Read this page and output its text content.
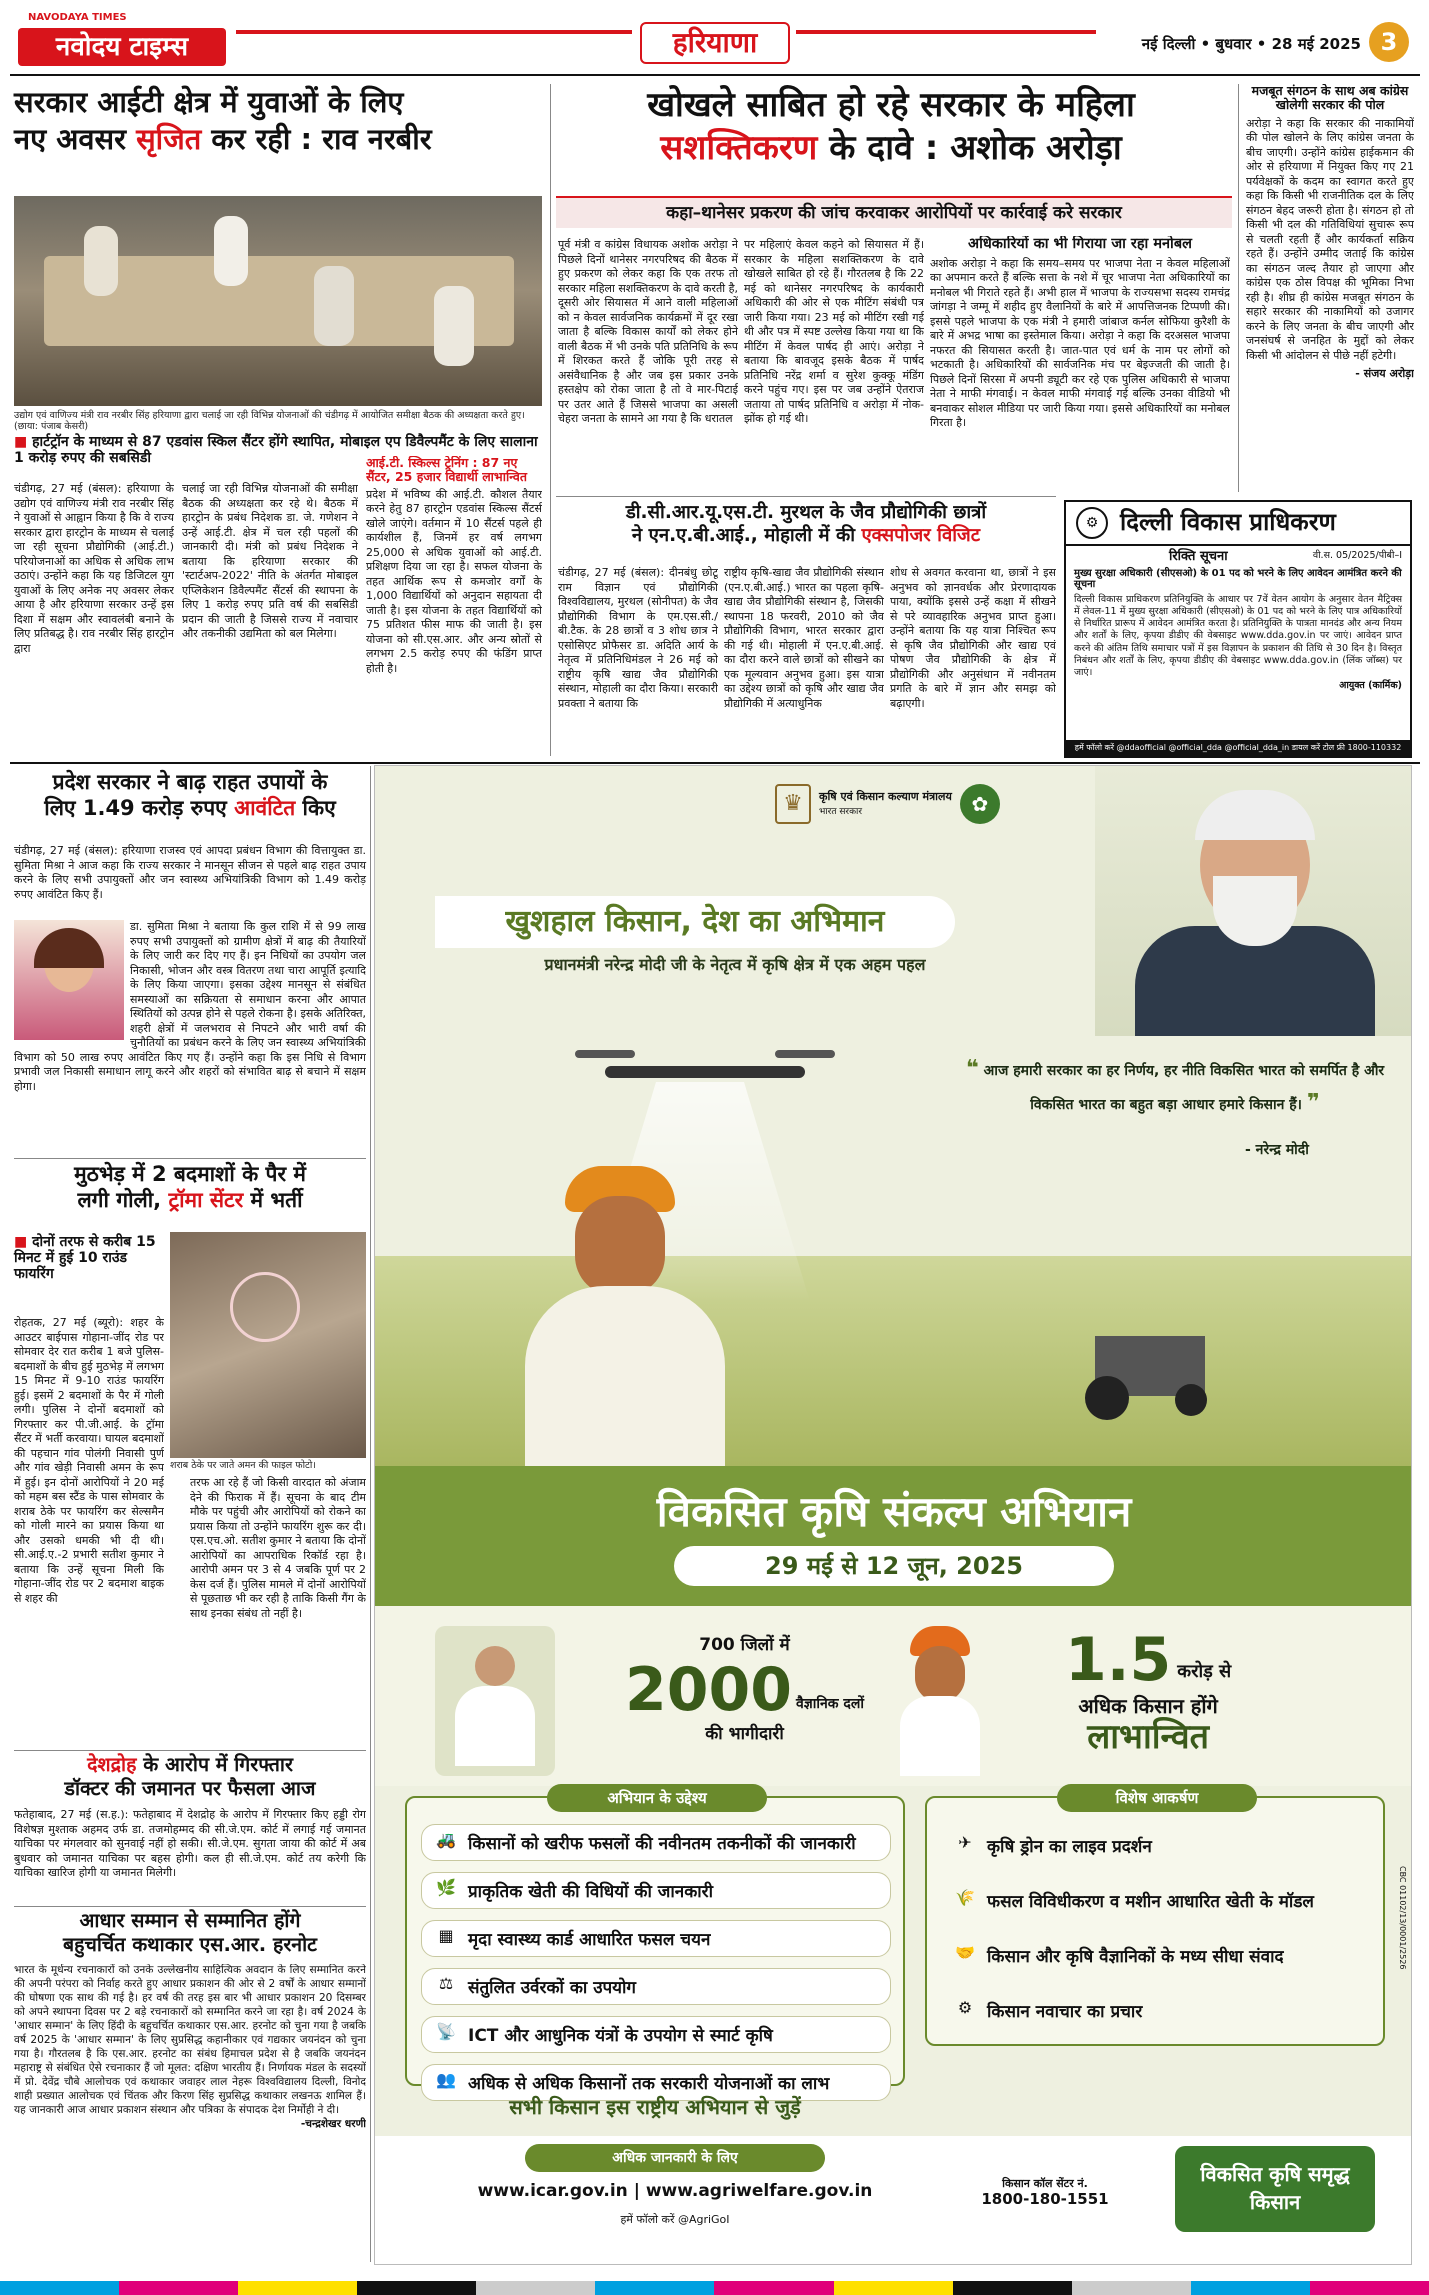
NAVODAYA TIMES
नवोदय टाइम्स	हरियाणा	नई दिल्ली • बुधवार • 28 मई 2025 3
सरकार आईटी क्षेत्र में युवाओं के लिए
नए अवसर सृजित कर रही : राव नरबीर
उद्योग एवं वाणिज्य मंत्री राव नरबीर सिंह हरियाणा द्वारा चलाई जा रही विभिन्न योजनाओं की चंडीगढ़ में आयोजित समीक्षा बैठक की अध्यक्षता करते हुए। (छाया: पंजाब केसरी)
■ हार्टट्रॉन के माध्यम से 87 एडवांस स्किल सैंटर होंगे स्थापित, मोबाइल एप डिवैल्पमैंट के लिए सालाना 1 करोड़ रुपए की सबसिडी
चंडीगढ़, 27 मई (बंसल): हरियाणा के उद्योग एवं वाणिज्य मंत्री राव नरबीर सिंह ने युवाओं से आह्वान किया है कि वे राज्य सरकार द्वारा हारट्रोन के माध्यम से चलाई जा रही सूचना प्रौद्योगिकी (आई.टी.) परियोजनाओं का अधिक से अधिक लाभ उठाएं। उन्होंने कहा कि यह डिजिटल युग युवाओं के लिए अनेक नए अवसर लेकर आया है और हरियाणा सरकार उन्हें इस दिशा में सक्षम और स्वावलंबी बनाने के लिए प्रतिबद्ध है। राव नरबीर सिंह हारट्रोन द्वारा
चलाई जा रही विभिन्न योजनाओं की समीक्षा बैठक की अध्यक्षता कर रहे थे। बैठक में हारट्रोन के प्रबंध निदेशक डा. जे. गणेशन ने उन्हें आई.टी. क्षेत्र में चल रही पहलों की जानकारी दी। मंत्री को प्रबंध निदेशक ने बताया कि हरियाणा सरकार की 'स्टार्टअप-2022' नीति के अंतर्गत मोबाइल एप्लिकेशन डिवैल्पमैंट सैंटर्स की स्थापना के लिए 1 करोड़ रुपए प्रति वर्ष की सबसिडी प्रदान की जाती है जिससे राज्य में नवाचार और तकनीकी उद्यमिता को बल मिलेगा।
आई.टी. स्किल्स ट्रेनिंग : 87 नए सैंटर, 25 हजार विद्यार्थी लाभान्वित
प्रदेश में भविष्य की आई.टी. कौशल तैयार करने हेतु 87 हारट्रोन एडवांस स्किल्स सैंटर्स खोले जाएंगे। वर्तमान में 10 सैंटर्स पहले ही कार्यशील हैं, जिनमें हर वर्ष लगभग 25,000 से अधिक युवाओं को आई.टी. प्रशिक्षण दिया जा रहा है। सफल योजना के तहत आर्थिक रूप से कमजोर वर्गों के 1,000 विद्यार्थियों को अनुदान सहायता दी जाती है। इस योजना के तहत विद्यार्थियों को 75 प्रतिशत फीस माफ की जाती है। इस योजना को सी.एस.आर. और अन्य स्रोतों से लगभग 2.5 करोड़ रुपए की फंडिंग प्राप्त होती है।
खोखले साबित हो रहे सरकार के महिला
सशक्तिकरण के दावे : अशोक अरोड़ा
कहा–थानेसर प्रकरण की जांच करवाकर आरोपियों पर कार्रवाई करे सरकार
पूर्व मंत्री व कांग्रेस विधायक अशोक अरोड़ा ने पिछले दिनों थानेसर नगरपरिषद की बैठक में हुए प्रकरण को लेकर कहा कि एक तरफ तो सरकार महिला सशक्तिकरण के दावे करती है, दूसरी ओर सियासत में आने वाली महिलाओं को न केवल सार्वजनिक कार्यक्रमों में दूर रखा जाता है बल्कि विकास कार्यों को लेकर होने वाली बैठक में भी उनके पति प्रतिनिधि के रूप में शिरकत करते हैं जोकि पूरी तरह से असंवैधानिक है और जब इस प्रकार उनके हस्तक्षेप को रोका जाता है तो वे मार-पिटाई पर उतर आते हैं जिससे भाजपा का असली चेहरा जनता के सामने आ गया है कि धरातल
पर महिलाएं केवल कहने को सियासत में हैं। सरकार के महिला सशक्तिकरण के दावे खोखले साबित हो रहे हैं। गौरतलब है कि 22 मई को थानेसर नगरपरिषद के कार्यकारी अधिकारी की ओर से एक मीटिंग संबंधी पत्र जारी किया गया। 23 मई को मीटिंग रखी गई थी और पत्र में स्पष्ट उल्लेख किया गया था कि मीटिंग में केवल पार्षद ही आएं। अरोड़ा ने बताया कि बावजूद इसके बैठक में पार्षद प्रतिनिधि नरेंद्र शर्मा व सुरेश कुक्कू मंडिंग करने पहुंच गए। इस पर जब उन्होंने ऐतराज जताया तो पार्षद प्रतिनिधि व अरोड़ा में नोक-झोंक हो गई थी।
अधिकारियों का भी गिराया जा रहा मनोबल
अशोक अरोड़ा ने कहा कि समय–समय पर भाजपा नेता न केवल महिलाओं का अपमान करते हैं बल्कि सत्ता के नशे में चूर भाजपा नेता अधिकारियों का मनोबल भी गिराते रहते हैं। अभी हाल में भाजपा के राज्यसभा सदस्य रामचंद्र जांगड़ा ने जम्मू में शहीद हुए वैलानियों के बारे में आपत्तिजनक टिप्पणी की। इससे पहले भाजपा के एक मंत्री ने हमारी जांबाज कर्नल सोफिया कुरैशी के बारे में अभद्र भाषा का इस्तेमाल किया। अरोड़ा ने कहा कि दरअसल भाजपा नफरत की सियासत करती है। जात-पात एवं धर्म के नाम पर लोगों को भटकाती है। अधिकारियों की सार्वजनिक मंच पर बेइज्जती की जाती है। पिछले दिनों सिरसा में अपनी ड्यूटी कर रहे एक पुलिस अधिकारी से भाजपा नेता ने माफी मंगवाई। न केवल माफी मंगवाई गई बल्कि उनका वीडियो भी बनवाकर सोशल मीडिया पर जारी किया गया। इससे अधिकारियों का मनोबल गिरता है।
मजबूत संगठन के साथ अब कांग्रेस खोलेगी सरकार की पोल
अरोड़ा ने कहा कि सरकार की नाकामियों की पोल खोलने के लिए कांग्रेस जनता के बीच जाएगी। उन्होंने कांग्रेस हाईकमान की ओर से हरियाणा में नियुक्त किए गए 21 पर्यवेक्षकों के कदम का स्वागत करते हुए कहा कि किसी भी राजनीतिक दल के लिए संगठन बेहद जरूरी होता है। संगठन हो तो किसी भी दल की गतिविधियां सुचारू रूप से चलती रहती हैं और कार्यकर्ता सक्रिय रहते हैं। उन्होंने उम्मीद जताई कि कांग्रेस का संगठन जल्द तैयार हो जाएगा और कांग्रेस एक ठोस विपक्ष की भूमिका निभा रही है। शीघ्र ही कांग्रेस मजबूत संगठन के सहारे सरकार की नाकामियों को उजागर करने के लिए जनता के बीच जाएगी और जनसंघर्ष से जनहित के मुद्दों को लेकर किसी भी आंदोलन से पीछे नहीं हटेगी।
- संजय अरोड़ा
डी.सी.आर.यू.एस.टी. मुरथल के जैव प्रौद्योगिकी छात्रों
ने एन.ए.बी.आई., मोहाली में की एक्सपोजर विजिट
चंडीगढ़, 27 मई (बंसल): दीनबंधु छोटू राम विज्ञान एवं प्रौद्योगिकी विश्वविद्यालय, मुरथल (सोनीपत) के जैव प्रौद्योगिकी विभाग के एम.एस.सी./बी.टैक. के 28 छात्रों व 3 शोध छात्र ने एसोसिएट प्रोफैसर डा. अदिति आर्य के नेतृत्व में प्रतिनिधिमंडल ने 26 मई को राष्ट्रीय कृषि खाद्य जैव प्रौद्योगिकी संस्थान, मोहाली का दौरा किया। सरकारी प्रवक्ता ने बताया कि
राष्ट्रीय कृषि-खाद्य जैव प्रौद्योगिकी संस्थान (एन.ए.बी.आई.) भारत का पहला कृषि-खाद्य जैव प्रौद्योगिकी संस्थान है, जिसकी स्थापना 18 फरवरी, 2010 को जैव प्रौद्योगिकी विभाग, भारत सरकार द्वारा की गई थी। मोहाली में एन.ए.बी.आई. का दौरा करने वाले छात्रों को सीखने का एक मूल्यवान अनुभव हुआ। इस यात्रा का उद्देश्य छात्रों को कृषि और खाद्य जैव प्रौद्योगिकी में अत्याधुनिक
शोध से अवगत करवाना था, छात्रों ने इस अनुभव को ज्ञानवर्धक और प्रेरणादायक पाया, क्योंकि इससे उन्हें कक्षा में सीखने से परे व्यावहारिक अनुभव प्राप्त हुआ। उन्होंने बताया कि यह यात्रा निश्चित रूप से कृषि जैव प्रौद्योगिकी और खाद्य एवं पोषण जैव प्रौद्योगिकी के क्षेत्र में प्रौद्योगिकी और अनुसंधान में नवीनतम प्रगति के बारे में ज्ञान और समझ को बढ़ाएगी।
⚙ दिल्ली विकास प्राधिकरण
रिक्ति सूचना	वी.स. 05/2025/पीबी–I
मुख्य सुरक्षा अधिकारी (सीएसओ) के 01 पद को भरने के लिए आवेदन आमंत्रित करने की सूचना
दिल्ली विकास प्राधिकरण प्रतिनियुक्ति के आधार पर 7वें वेतन आयोग के अनुसार वेतन मैट्रिक्स में लेवल-11 में मुख्य सुरक्षा अधिकारी (सीएसओ) के 01 पद को भरने के लिए पात्र अधिकारियों से निर्धारित प्रारूप में आवेदन आमंत्रित करता है। प्रतिनियुक्ति के पात्रता मानदंड और अन्य नियम और शर्तों के लिए, कृपया डीडीए की वेबसाइट www.dda.gov.in पर जाएं। आवेदन प्राप्त करने की अंतिम तिथि समाचार पत्रों में इस विज्ञापन के प्रकाशन की तिथि से 30 दिन है। विस्तृत निबंधन और शर्तों के लिए, कृपया डीडीए की वेबसाइट www.dda.gov.in (लिंक जॉब्स) पर जाएं।
आयुक्त (कार्मिक)
हमें फॉलो करें @ddaofficial @official_dda @official_dda_in डायल करें टोल फ्री 1800-110332
प्रदेश सरकार ने बाढ़ राहत उपायों के
लिए 1.49 करोड़ रुपए आवंटित किए
चंडीगढ़, 27 मई (बंसल): हरियाणा राजस्व एवं आपदा प्रबंधन विभाग की वित्तायुक्त डा. सुमिता मिश्रा ने आज कहा कि राज्य सरकार ने मानसून सीजन से पहले बाढ़ राहत उपाय करने के लिए सभी उपायुक्तों और जन स्वास्थ्य अभियांत्रिकी विभाग को 1.49 करोड़ रुपए आवंटित किए हैं।
डा. सुमिता मिश्रा ने बताया कि कुल राशि में से 99 लाख रुपए सभी उपायुक्तों को ग्रामीण क्षेत्रों में बाढ़ की तैयारियों के लिए जारी कर दिए गए हैं। इन निधियों का उपयोग जल निकासी, भोजन और वस्त्र वितरण तथा चारा आपूर्ति इत्यादि के लिए किया जाएगा। इसका उद्देश्य मानसून से संबंधित समस्याओं का सक्रियता से समाधान करना और आपात स्थितियों को उत्पन्न होने से पहले रोकना है। इसके अतिरिक्त, शहरी क्षेत्रों में जलभराव से निपटने और भारी वर्षा की चुनौतियों का प्रबंधन करने के लिए जन स्वास्थ्य अभियांत्रिकी विभाग को 50 लाख रुपए आवंटित किए गए हैं। उन्होंने कहा कि इस निधि से विभाग प्रभावी जल निकासी समाधान लागू करने और शहरों को संभावित बाढ़ से बचाने में सक्षम होगा।
मुठभेड़ में 2 बदमाशों के पैर में
लगी गोली, ट्रॉमा सेंटर में भर्ती
■ दोनों तरफ से करीब 15 मिनट में हुई 10 राउंड फायरिंग
शराब ठेके पर जाते अमन की फाइल फोटो।
रोहतक, 27 मई (ब्यूरो): शहर के आउटर बाईपास गोहाना-जींद रोड पर सोमवार देर रात करीब 1 बजे पुलिस-बदमाशों के बीच हुई मुठभेड़ में लगभग 15 मिनट में 9-10 राउंड फायरिंग हुई। इसमें 2 बदमाशों के पैर में गोली लगी। पुलिस ने दोनों बदमाशों को गिरफ्तार कर पी.जी.आई. के ट्रॉमा सैंटर में भर्ती करवाया। घायल बदमाशों की पहचान गांव पोलंगी निवासी पुर्ण और गांव खेड़ी निवासी अमन के रूप में हुई। इन दोनों आरोपियों ने 20 मई को महम बस स्टैंड के पास सोमवार के शराब ठेके पर फायरिंग कर सेल्समैन को गोली मारने का प्रयास किया था और उसको धमकी भी दी थी। सी.आई.ए.-2 प्रभारी सतीश कुमार ने बताया कि उन्हें सूचना मिली कि गोहाना-जींद रोड पर 2 बदमाश बाइक से शहर की
तरफ आ रहे हैं जो किसी वारदात को अंजाम देने की फिराक में हैं। सूचना के बाद टीम मौके पर पहुंची और आरोपियों को रोकने का प्रयास किया तो उन्होंने फायरिंग शुरू कर दी। एस.एच.ओ. सतीश कुमार ने बताया कि दोनों आरोपियों का आपराधिक रिकॉर्ड रहा है। आरोपी अमन पर 3 से 4 जबकि पूर्ण पर 2 केस दर्ज हैं। पुलिस मामले में दोनों आरोपियों से पूछताछ भी कर रही है ताकि किसी गैंग के साथ इनका संबंध तो नहीं है।
देशद्रोह के आरोप में गिरफ्तार
डॉक्टर की जमानत पर फैसला आज
फतेहाबाद, 27 मई (स.ह.): फतेहाबाद में देशद्रोह के आरोप में गिरफ्तार किए हड्डी रोग विशेषज्ञ मुश्ताक अहमद उर्फ डा. तजमोहम्मद की सी.जे.एम. कोर्ट में लगाई गई जमानत याचिका पर मंगलवार को सुनवाई नहीं हो सकी। सी.जे.एम. सुगता जाया की कोर्ट में अब बुधवार को जमानत याचिका पर बहस होगी। कल ही सी.जे.एम. कोर्ट तय करेगी कि याचिका खारिज होगी या जमानत मिलेगी।
आधार सम्मान से सम्मानित होंगे
बहुचर्चित कथाकार एस.आर. हरनोट
भारत के मूर्धन्य रचनाकारों को उनके उल्लेखनीय साहित्यिक अवदान के लिए सम्मानित करने की अपनी परंपरा को निर्वाह करते हुए आधार प्रकाशन की ओर से 2 वर्षों के आधार सम्मानों की घोषणा एक साथ की गई है। हर वर्ष की तरह इस बार भी आधार प्रकाशन 20 दिसम्बर को अपने स्थापना दिवस पर 2 बड़े रचनाकारों को सम्मानित करने जा रहा है। वर्ष 2024 के 'आधार सम्मान' के लिए हिंदी के बहुचर्चित कथाकार एस.आर. हरनोट को चुना गया है जबकि वर्ष 2025 के 'आधार सम्मान' के लिए सुप्रसिद्ध कहानीकार एवं गद्यकार जयनंदन को चुना गया है। गौरतलब है कि एस.आर. हरनोट का संबंध हिमाचल प्रदेश से है जबकि जयनंदन महाराष्ट्र से संबंधित ऐसे रचनाकार हैं जो मूलत: दक्षिण भारतीय हैं। निर्णायक मंडल के सदस्यों में प्रो. देवेंद्र चौबे आलोचक एवं कथाकार जवाहर लाल नेहरू विश्वविद्यालय दिल्ली, विनोद शाही प्रख्यात आलोचक एवं चिंतक और किरण सिंह सुप्रसिद्ध कथाकार लखनऊ शामिल हैं। यह जानकारी आज आधार प्रकाशन संस्थान और पत्रिका के संपादक देश निर्मोही ने दी।
-चन्द्रशेखर धरणी
♛	कृषि एवं किसान कल्याण मंत्रालय
भारत सरकार	✿
खुशहाल किसान, देश का अभिमान
प्रधानमंत्री नरेन्द्र मोदी जी के नेतृत्व में कृषि क्षेत्र में एक अहम पहल
❝ आज हमारी सरकार का हर निर्णय, हर नीति विकसित भारत को समर्पित है और विकसित भारत का बहुत बड़ा आधार हमारे किसान हैं। ❞
- नरेन्द्र मोदी
विकसित कृषि संकल्प अभियान
29 मई से 12 जून, 2025
700 जिलों में
2000 वैज्ञानिक दलों
की भागीदारी
1.5 करोड़ से
अधिक किसान होंगे
लाभान्वित
अभियान के उद्देश्य
🚜 किसानों को खरीफ फसलों की नवीनतम तकनीकों की जानकारी
🌿 प्राकृतिक खेती की विधियों की जानकारी
▦ मृदा स्वास्थ्य कार्ड आधारित फसल चयन
⚖ संतुलित उर्वरकों का उपयोग
📡 ICT और आधुनिक यंत्रों के उपयोग से स्मार्ट कृषि
👥 अधिक से अधिक किसानों तक सरकारी योजनाओं का लाभ
विशेष आकर्षण
✈ कृषि ड्रोन का लाइव प्रदर्शन
🌾 फसल विविधीकरण व मशीन आधारित खेती के मॉडल
🤝 किसान और कृषि वैज्ञानिकों के मध्य सीधा संवाद
⚙ किसान नवाचार का प्रचार
सभी किसान इस राष्ट्रीय अभियान से जुड़ें
अधिक जानकारी के लिए
www.icar.gov.in | www.agriwelfare.gov.in
हमें फॉलो करें @AgriGoI
किसान कॉल सेंटर नं.
1800-180-1551
विकसित कृषि समृद्ध किसान
CBC 01102/13/0001/2526
